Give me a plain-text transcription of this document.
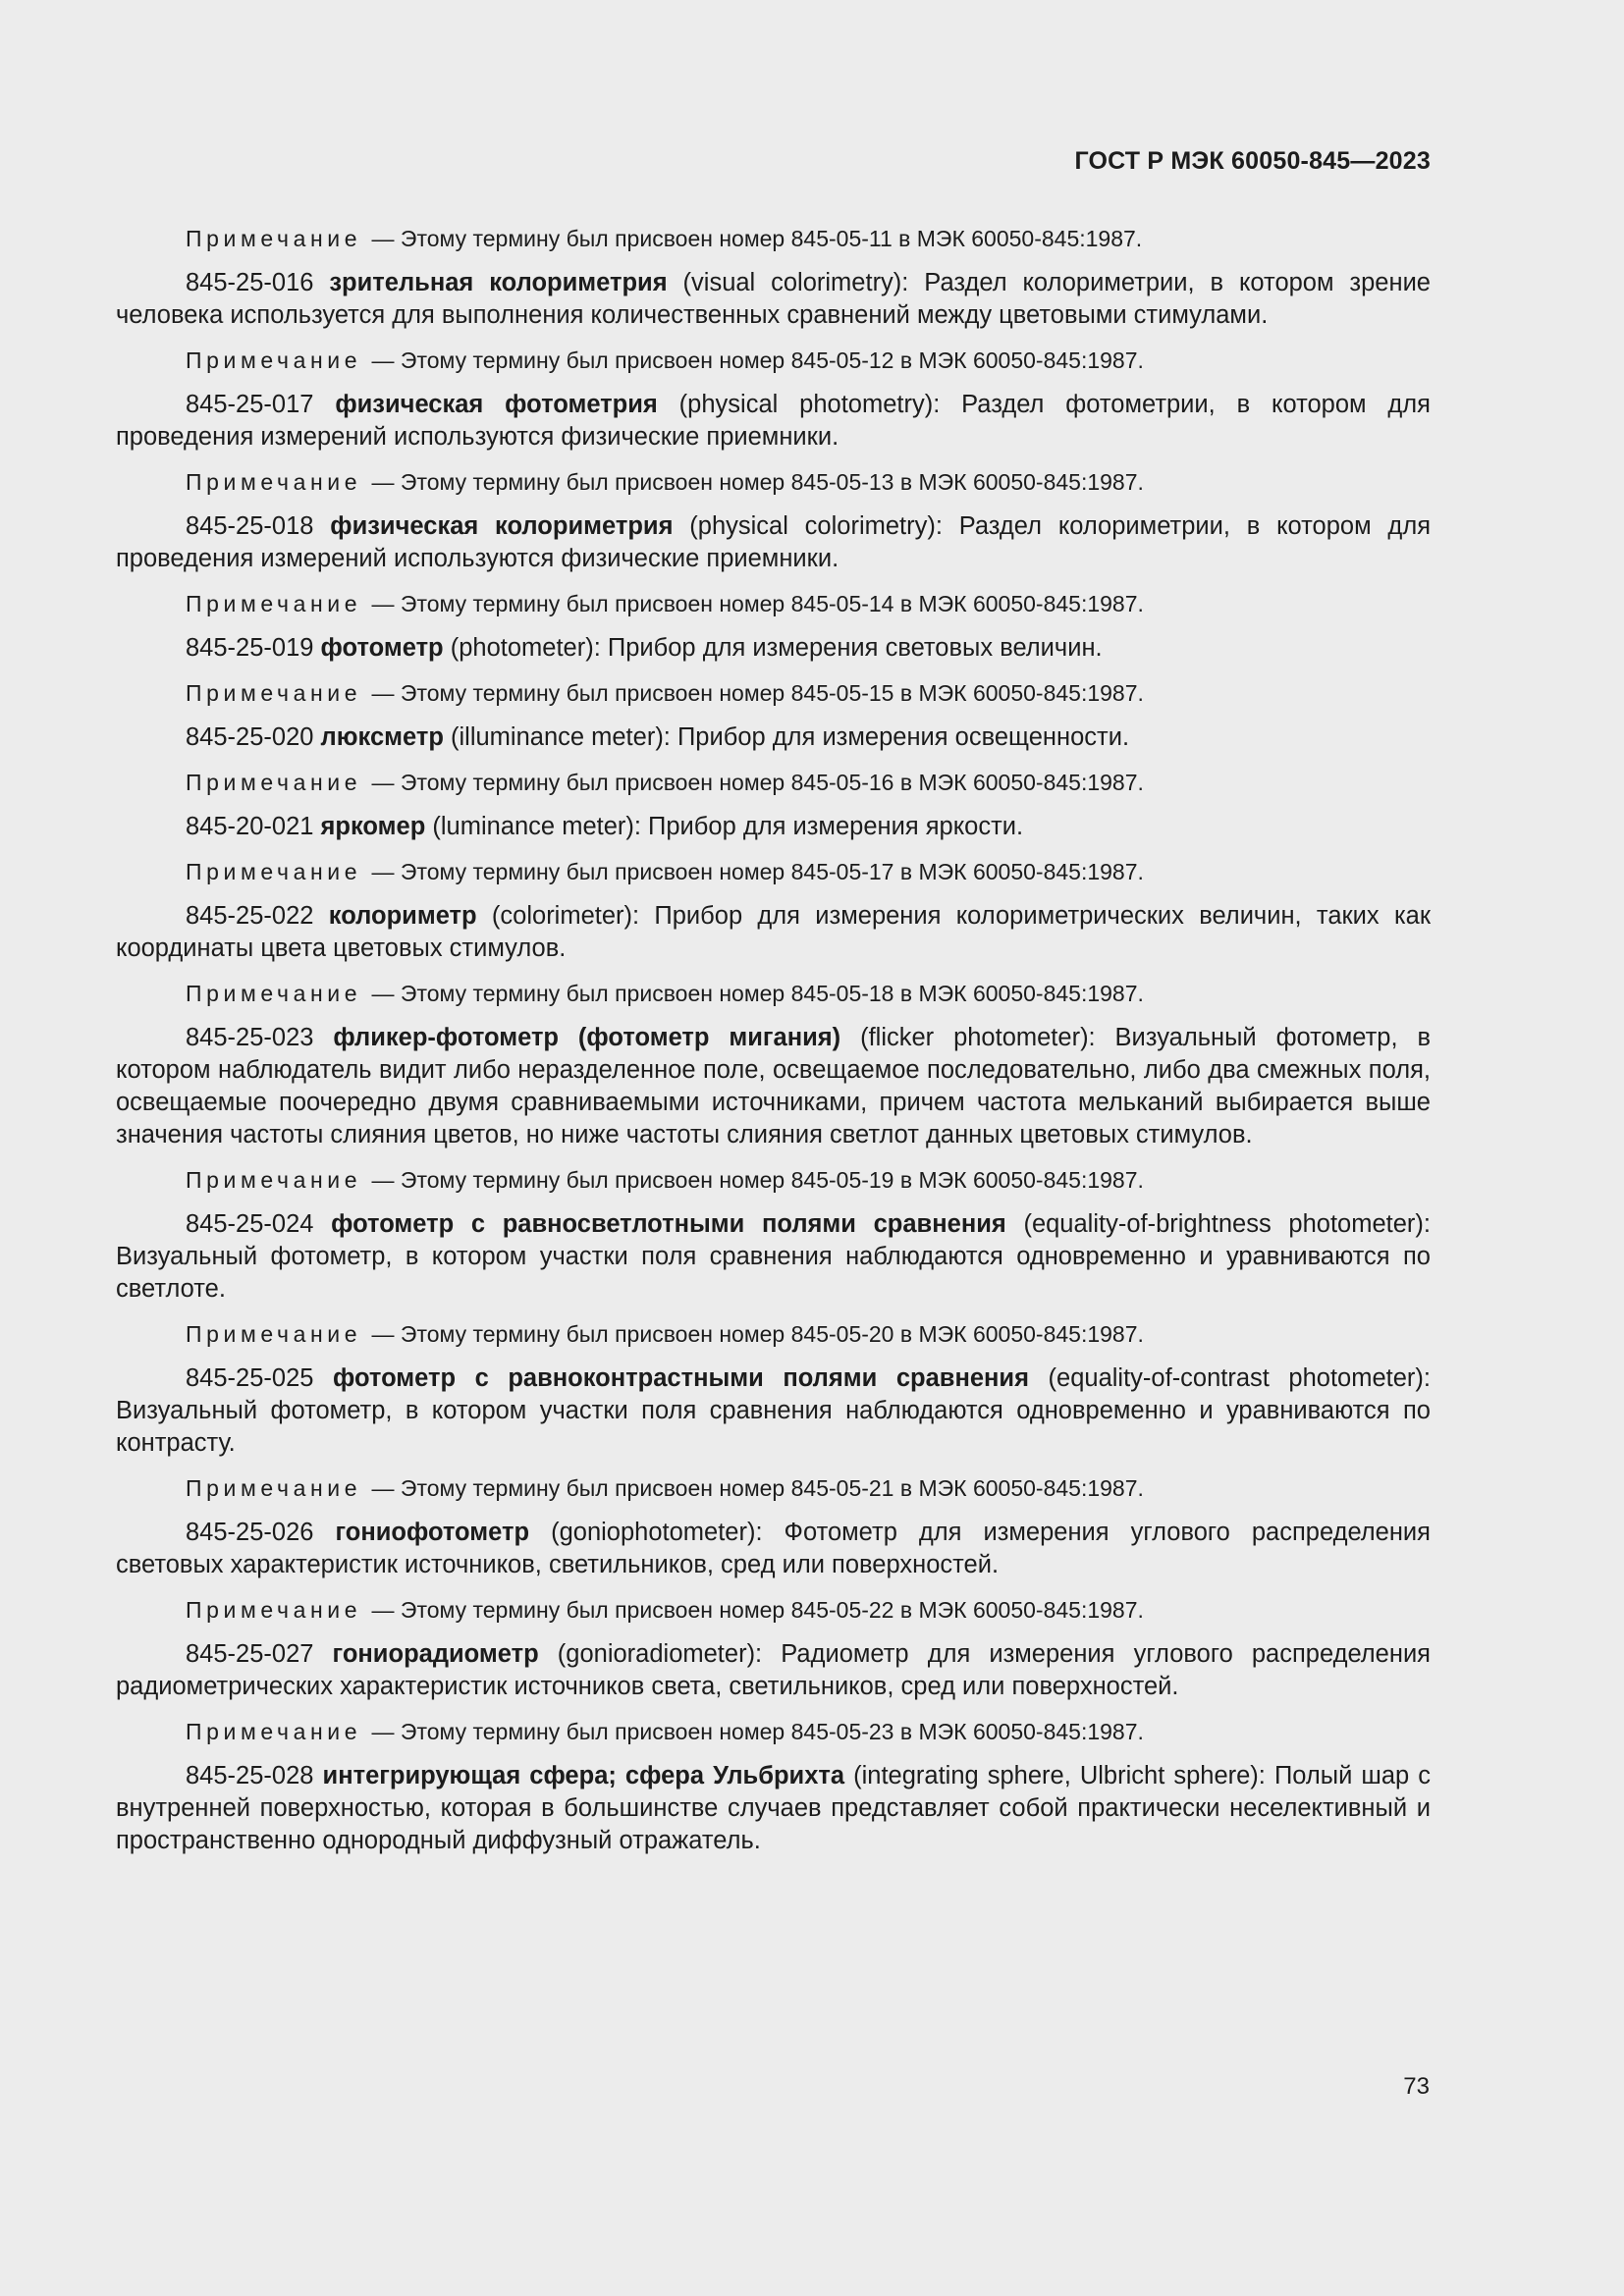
ГОСТ Р МЭК 60050-845—2023

Примечание — Этому термину был присвоен номер 845-05-11 в МЭК 60050-845:1987.

845-25-016 зрительная колориметрия (visual colorimetry): Раздел колориметрии, в котором зрение человека используется для выполнения количественных сравнений между цветовыми стимулами.

Примечание — Этому термину был присвоен номер 845-05-12 в МЭК 60050-845:1987.

845-25-017 физическая фотометрия (physical photometry): Раздел фотометрии, в котором для проведения измерений используются физические приемники.

Примечание — Этому термину был присвоен номер 845-05-13 в МЭК 60050-845:1987.

845-25-018 физическая колориметрия (physical colorimetry): Раздел колориметрии, в котором для проведения измерений используются физические приемники.

Примечание — Этому термину был присвоен номер 845-05-14 в МЭК 60050-845:1987.

845-25-019 фотометр (photometer): Прибор для измерения световых величин.

Примечание — Этому термину был присвоен номер 845-05-15 в МЭК 60050-845:1987.

845-25-020 люксметр (illuminance meter): Прибор для измерения освещенности.

Примечание — Этому термину был присвоен номер 845-05-16 в МЭК 60050-845:1987.

845-20-021 яркомер (luminance meter): Прибор для измерения яркости.

Примечание — Этому термину был присвоен номер 845-05-17 в МЭК 60050-845:1987.

845-25-022 колориметр (colorimeter): Прибор для измерения колориметрических величин, таких как координаты цвета цветовых стимулов.

Примечание — Этому термину был присвоен номер 845-05-18 в МЭК 60050-845:1987.

845-25-023 фликер-фотометр (фотометр мигания) (flicker photometer): Визуальный фотометр, в котором наблюдатель видит либо неразделенное поле, освещаемое последовательно, либо два смежных поля, освещаемые поочередно двумя сравниваемыми источниками, причем частота мельканий выбирается выше значения частоты слияния цветов, но ниже частоты слияния светлот данных цветовых стимулов.

Примечание — Этому термину был присвоен номер 845-05-19 в МЭК 60050-845:1987.

845-25-024 фотометр с равносветлотными полями сравнения (equality-of-brightness photometer): Визуальный фотометр, в котором участки поля сравнения наблюдаются одновременно и уравниваются по светлоте.

Примечание — Этому термину был присвоен номер 845-05-20 в МЭК 60050-845:1987.

845-25-025 фотометр с равноконтрастными полями сравнения (equality-of-contrast photometer): Визуальный фотометр, в котором участки поля сравнения наблюдаются одновременно и уравниваются по контрасту.

Примечание — Этому термину был присвоен номер 845-05-21 в МЭК 60050-845:1987.

845-25-026 гониофотометр (goniophotometer): Фотометр для измерения углового распределения световых характеристик источников, светильников, сред или поверхностей.

Примечание — Этому термину был присвоен номер 845-05-22 в МЭК 60050-845:1987.

845-25-027 гониорадиометр (gonioradiometer): Радиометр для измерения углового распределения радиометрических характеристик источников света, светильников, сред или поверхностей.

Примечание — Этому термину был присвоен номер 845-05-23 в МЭК 60050-845:1987.

845-25-028 интегрирующая сфера; сфера Ульбрихта (integrating sphere, Ulbricht sphere): Полый шар с внутренней поверхностью, которая в большинстве случаев представляет собой практически неселективный и пространственно однородный диффузный отражатель.

73
